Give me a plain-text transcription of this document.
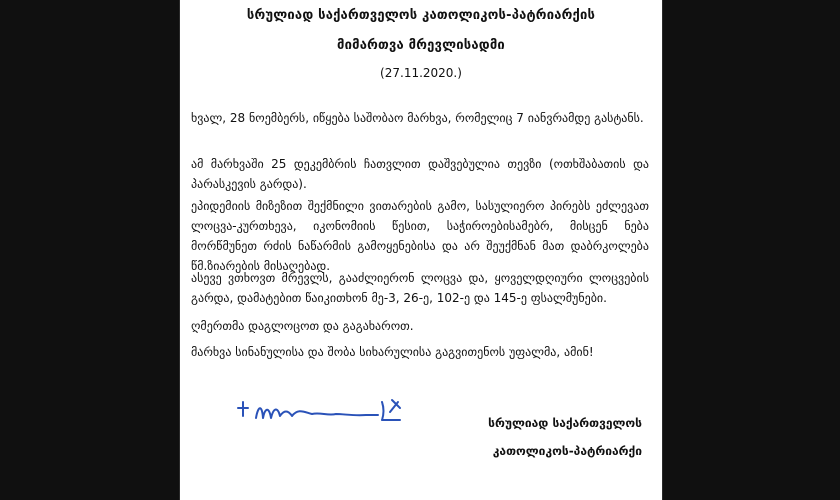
სრულიად საქართველოს კათოლიკოს-პატრიარქის
მიმართვა მრევლისადმი
(27.11.2020.)
ხვალ, 28 ნოემბერს, იწყება საშობაო მარხვა, რომელიც 7 იანვრამდე გასტანს.
ამ მარხვაში 25 დეკემბრის ჩათვლით დაშვებულია თევზი (ოთხშაბათის და პარასკევის გარდა).
ეპიდემიის მიზეზით შექმნილი ვითარების გამო, სასულიერო პირებს ეძლევათ ლოცვა-კურთხევა, იკონომიის წესით, საჭიროებისამებრ, მისცენ ნება მორწმუნეთ რძის ნაწარმის გამოყენებისა და არ შეუქმნან მათ დაბრკოლება წმ.ზიარების მისაღებად.
ასევე ვთხოვთ მრევლს, გააძლიერონ ლოცვა და, ყოველდღიური ლოცვების გარდა, დამატებით წაიკითხონ მე-3, 26-ე, 102-ე და 145-ე ფსალმუნები.
ღმერთმა დაგლოცოთ და გაგახაროთ.
მარხვა სინანულისა და შობა სიხარულისა გაგვითენოს უფალმა, ამინ!
სრულიად საქართველოს
კათოლიკოს-პატრიარქი
